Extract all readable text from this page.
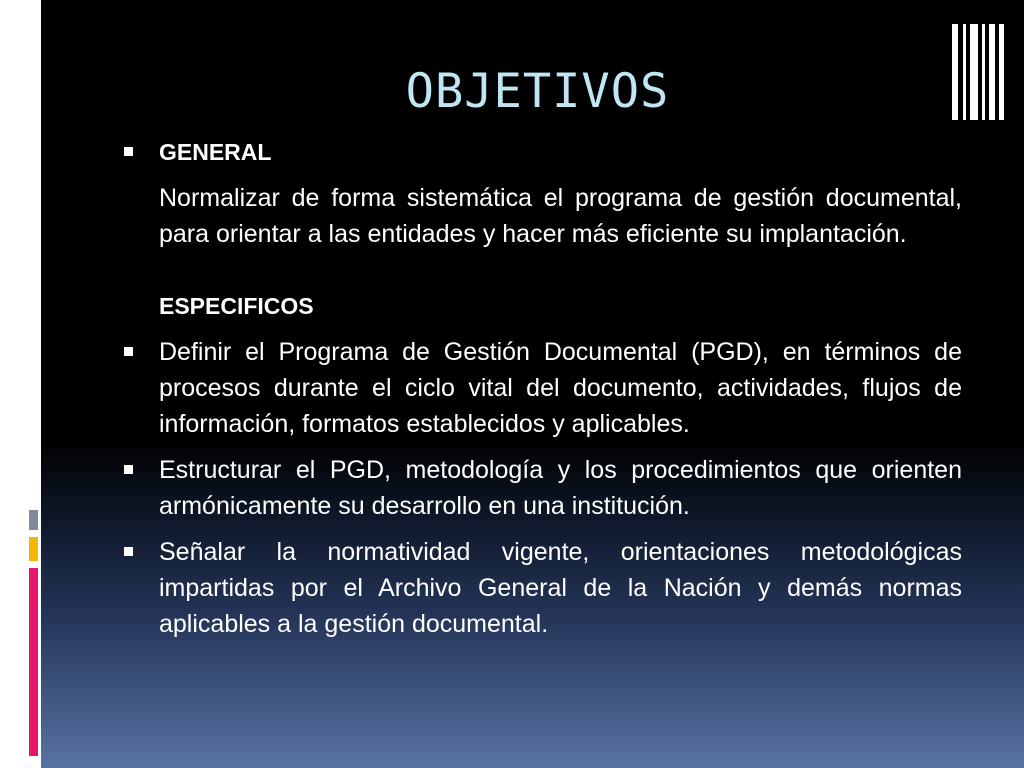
OBJETIVOS

GENERAL

Normalizar de forma sistemática el programa de gestión documental, para orientar a las entidades y hacer más eficiente su implantación.

ESPECIFICOS

Definir el Programa de Gestión Documental (PGD), en términos de procesos durante el ciclo vital del documento, actividades, flujos de información, formatos establecidos y aplicables.

Estructurar el PGD, metodología y los procedimientos que orienten armónicamente su desarrollo en una institución.

Señalar la normatividad vigente, orientaciones metodológicas impartidas por el Archivo General de la Nación y demás normas aplicables a la gestión documental.
